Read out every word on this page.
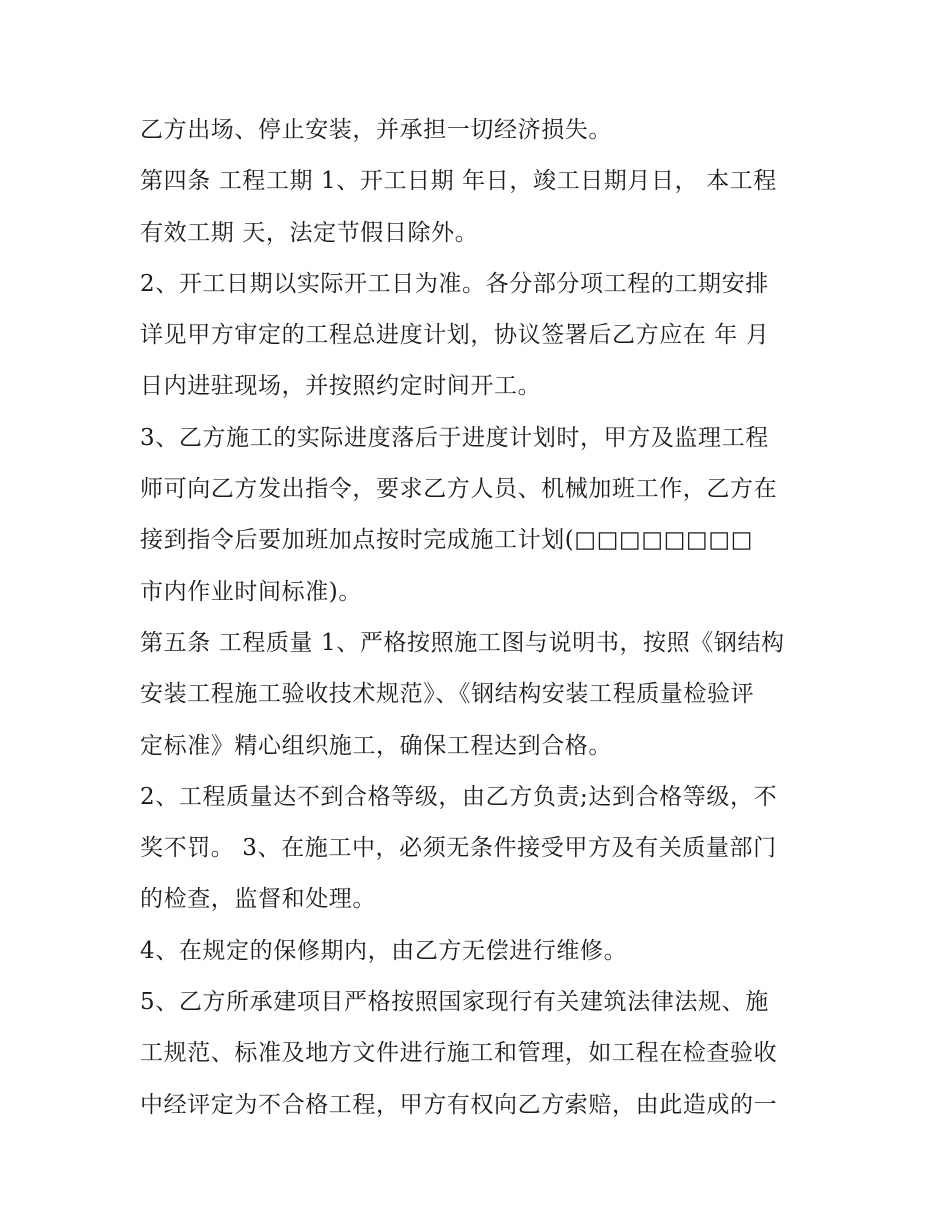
乙方出场、停止安装，并承担一切经济损失。
第四条 工程工期 1、开工日期 年日，竣工日期月日， 本工程
有效工期 天，法定节假日除外。
2、开工日期以实际开工日为准。各分部分项工程的工期安排
详见甲方审定的工程总进度计划，协议签署后乙方应在 年 月
日内进驻现场，并按照约定时间开工。
3、乙方施工的实际进度落后于进度计划时，甲方及监理工程
师可向乙方发出指令，要求乙方人员、机械加班工作，乙方在
接到指令后要加班加点按时完成施工计划(□□□□□□□□
市内作业时间标准)。
第五条 工程质量 1、严格按照施工图与说明书，按照《钢结构
安装工程施工验收技术规范》、《钢结构安装工程质量检验评
定标准》精心组织施工，确保工程达到合格。
2、工程质量达不到合格等级，由乙方负责;达到合格等级，不
奖不罚。 3、在施工中，必须无条件接受甲方及有关质量部门
的检查，监督和处理。
4、在规定的保修期内，由乙方无偿进行维修。
5、乙方所承建项目严格按照国家现行有关建筑法律法规、施
工规范、标准及地方文件进行施工和管理，如工程在检查验收
中经评定为不合格工程，甲方有权向乙方索赔，由此造成的一
